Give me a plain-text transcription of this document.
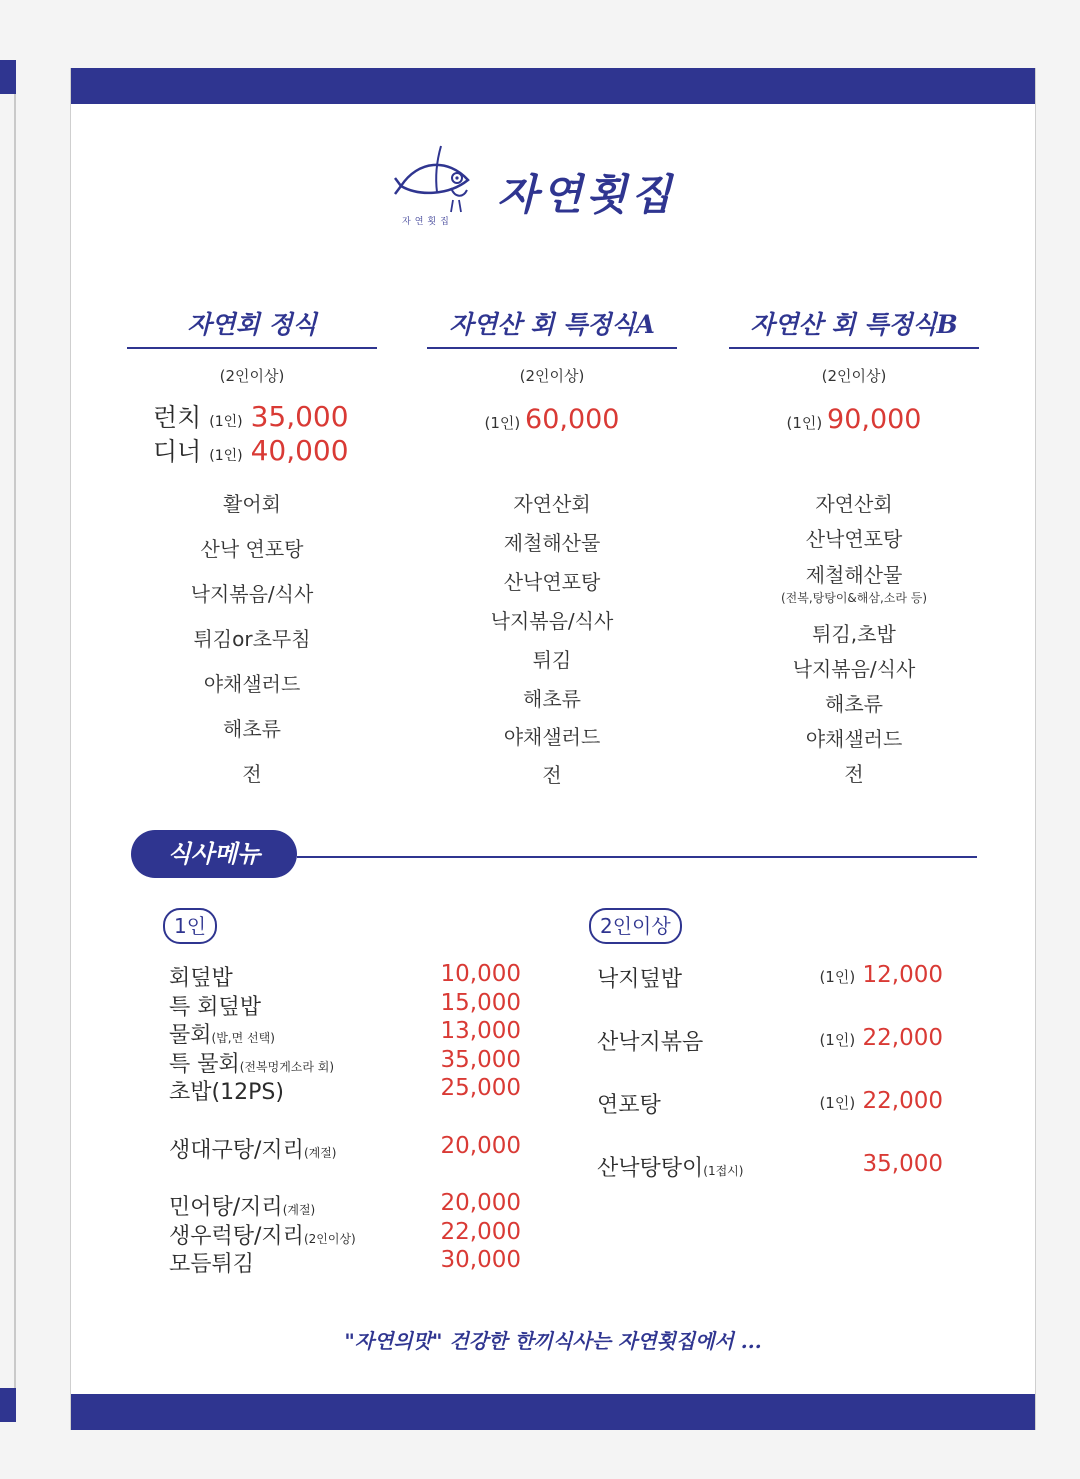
자연횟집
자연횟집
자연회 정식
(2인이상)
런치 (1인) 35,000
디너 (1인) 40,000
활어회
산낙 연포탕
낙지볶음/식사
튀김or초무침
야채샐러드
해초류
전
자연산 회 특정식A
(2인이상)
(1인) 60,000
자연산회
제철해산물
산낙연포탕
낙지볶음/식사
튀김
해초류
야채샐러드
전
자연산 회 특정식B
(2인이상)
(1인) 90,000
자연산회
산낙연포탕
제철해산물
(전복,탕탕이&해삼,소라 등)
튀김,초밥
낙지볶음/식사
해초류
야채샐러드
전
식사메뉴
1인	2인이상
회덮밥	10,000
특 회덮밥	15,000
물회(밥,면 선택)	13,000
특 물회(전복멍게소라 회)	35,000
초밥(12PS)	25,000
생대구탕/지리(계절)	20,000
민어탕/지리(계절)	20,000
생우럭탕/지리(2인이상)	22,000
모듬튀김	30,000
낙지덮밥	(1인) 12,000
산낙지볶음	(1인) 22,000
연포탕	(1인) 22,000
산낙탕탕이(1접시)	35,000
"자연의맛" 건강한 한끼식사는 자연횟집에서 ...
